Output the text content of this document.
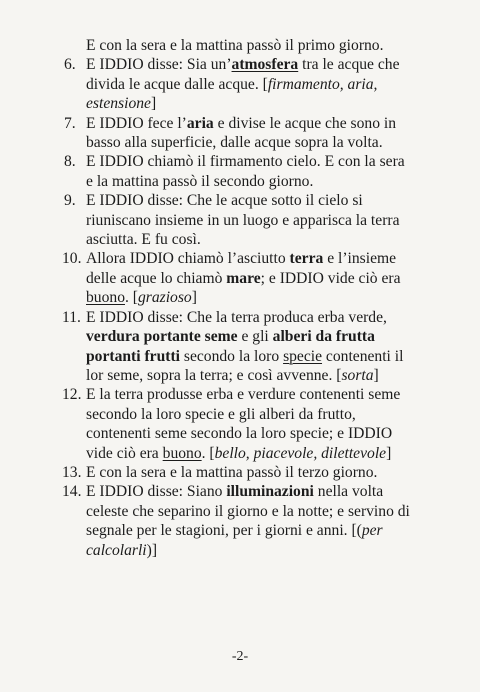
E con la sera e la mattina passò il primo giorno.
6. E IDDIO disse: Sia un’atmosfera tra le acque che divida le acque dalle acque. [firmamento, aria, estensione]
7. E IDDIO fece l’aria e divise le acque che sono in basso alla superficie, dalle acque sopra la volta.
8. E IDDIO chiamò il firmamento cielo. E con la sera e la mattina passò il secondo giorno.
9. E IDDIO disse: Che le acque sotto il cielo si riuniscano insieme in un luogo e apparisca la terra asciutta. E fu così.
10. Allora IDDIO chiamò l’asciutto terra e l’insieme delle acque lo chiamò mare; e IDDIO vide ciò era buono. [grazioso]
11. E IDDIO disse: Che la terra produca erba verde, verdura portante seme e gli alberi da frutta portanti frutti secondo la loro specie contenenti il lor seme, sopra la terra; e così avvenne. [sorta]
12. E la terra produsse erba e verdure contenenti seme secondo la loro specie e gli alberi da frutto, contenenti seme secondo la loro specie; e IDDIO vide ciò era buono. [bello, piacevole, dilettevole]
13. E con la sera e la mattina passò il terzo giorno.
14. E IDDIO disse: Siano illuminazioni nella volta celeste che separino il giorno e la notte; e servino di segnale per le stagioni, per i giorni e anni. [(per calcolarli)]
-2-
